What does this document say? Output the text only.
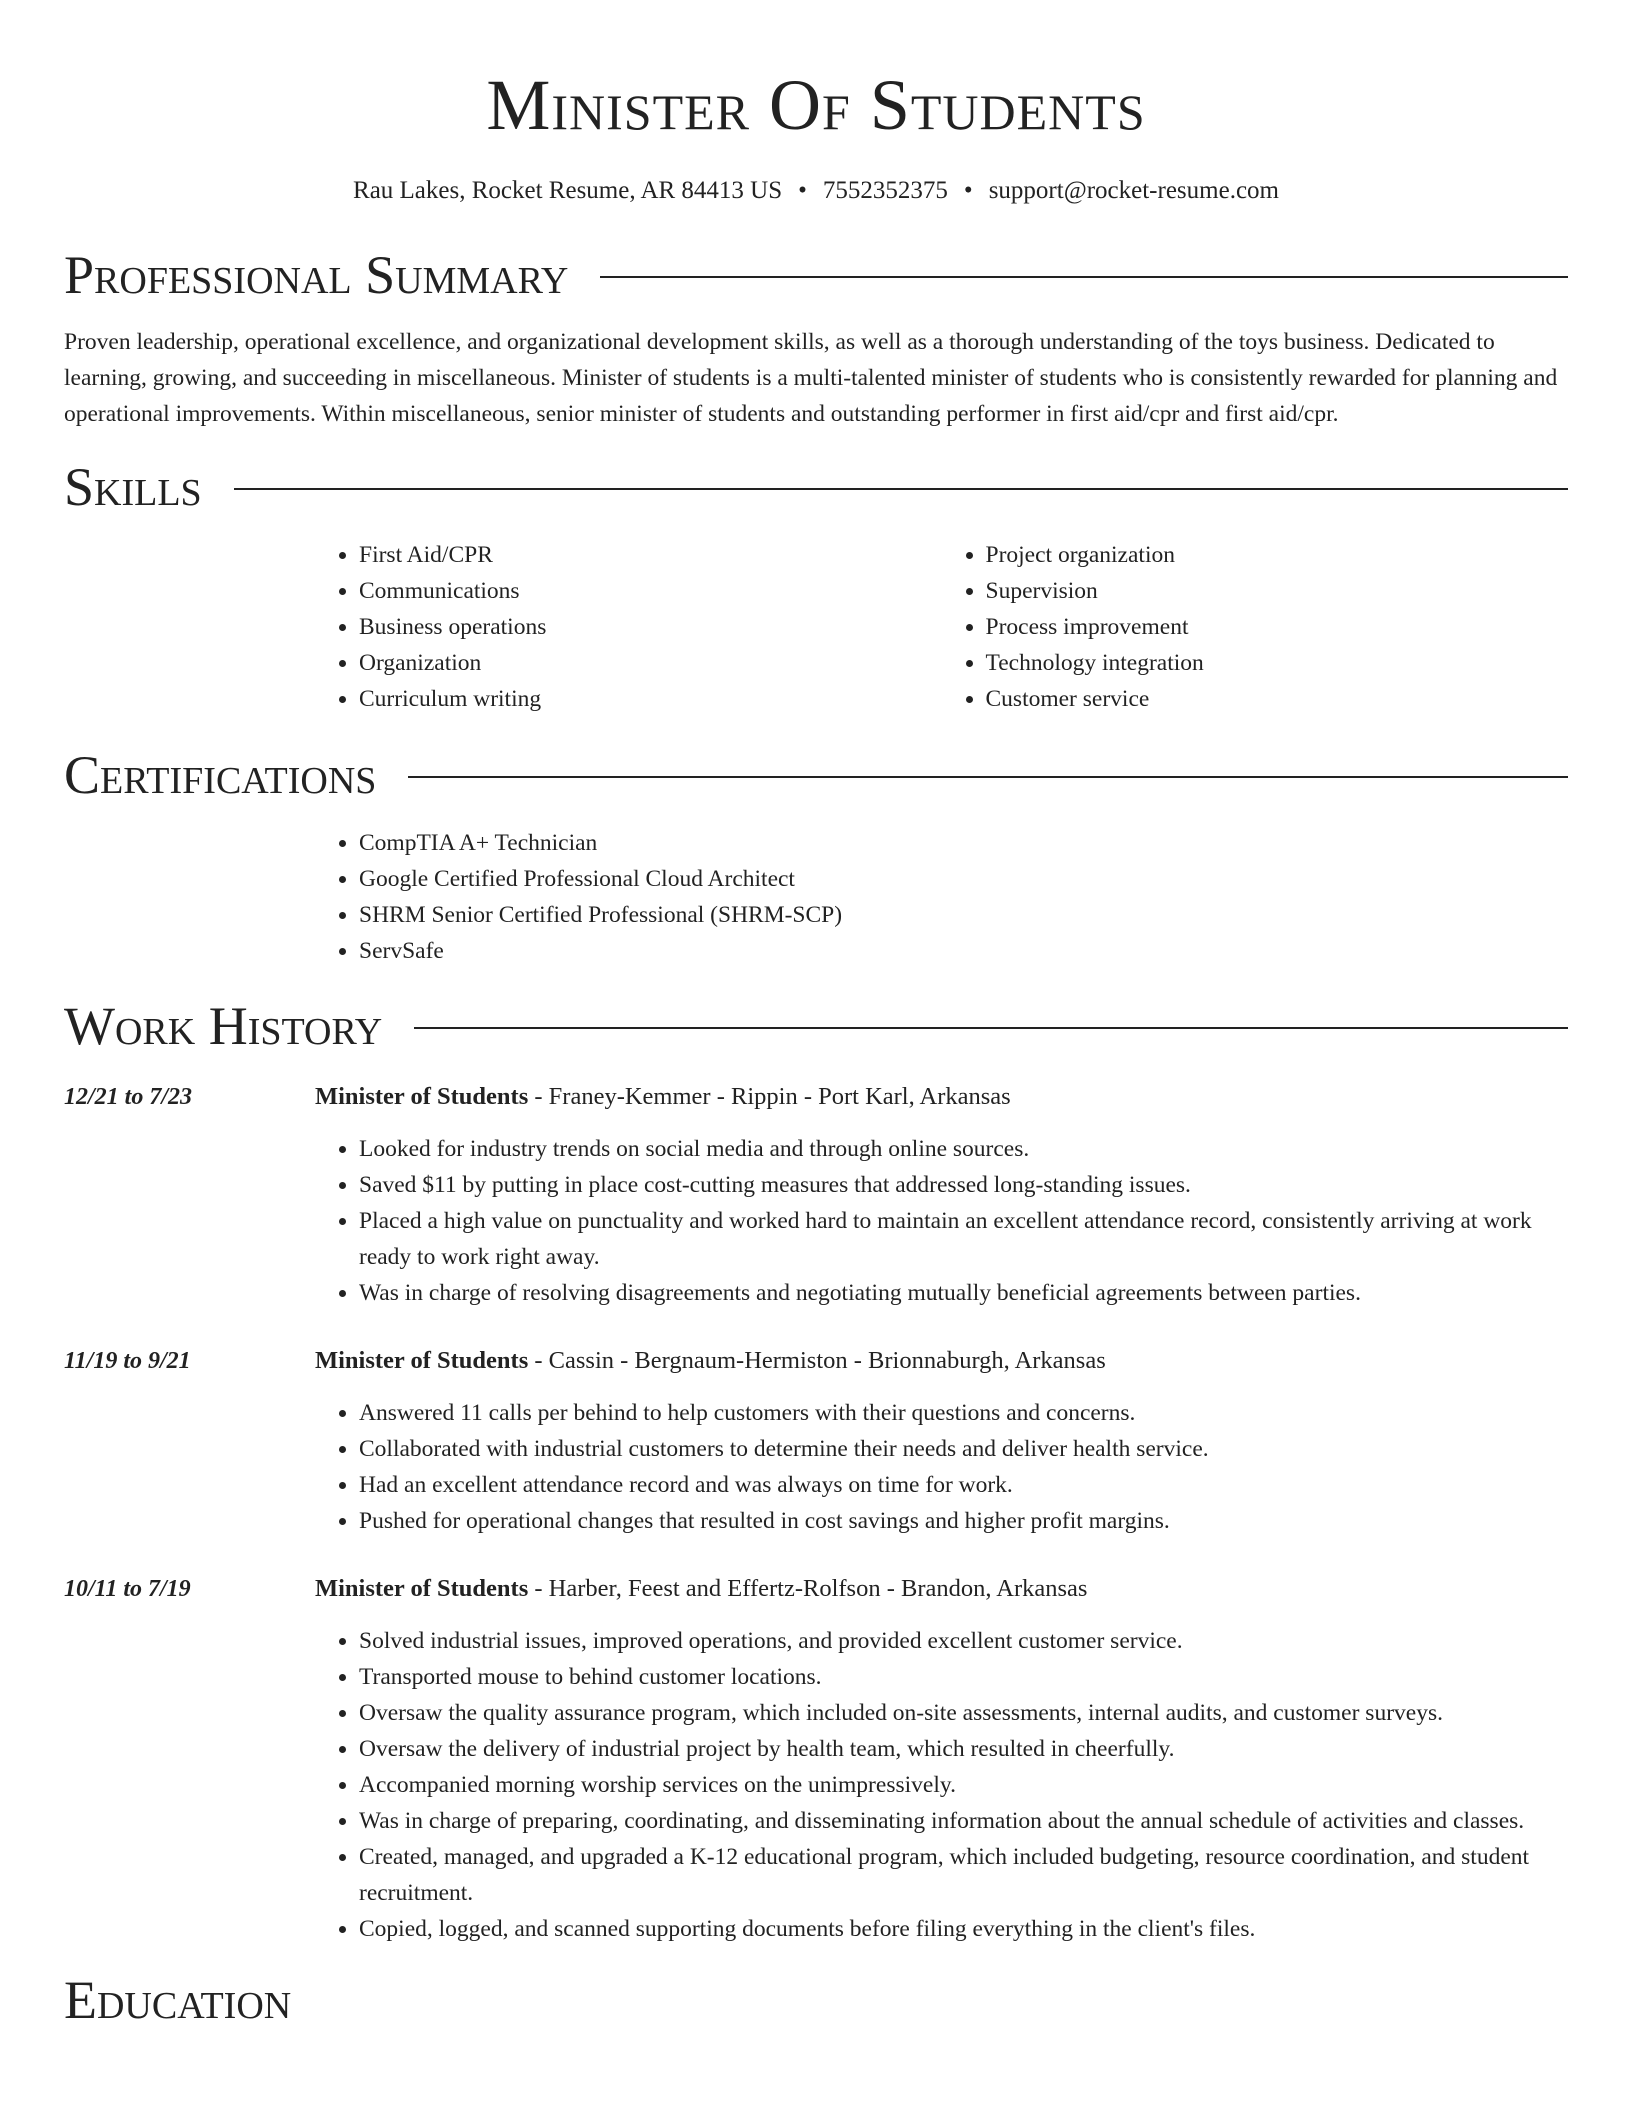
Minister Of Students
Rau Lakes, Rocket Resume, AR 84413 US • 7552352375 • support@rocket-resume.com
Professional Summary

Proven leadership, operational excellence, and organizational development skills, as well as a thorough understanding of the toys business. Dedicated to learning, growing, and succeeding in miscellaneous. Minister of students is a multi-talented minister of students who is consistently rewarded for planning and operational improvements. Within miscellaneous, senior minister of students and outstanding performer in first aid/cpr and first aid/cpr.

Skills
• First Aid/CPR
• Communications
• Business operations
• Organization
• Curriculum writing
• Project organization
• Supervision
• Process improvement
• Technology integration
• Customer service
Certifications
• CompTIA A+ Technician
• Google Certified Professional Cloud Architect
• SHRM Senior Certified Professional (SHRM-SCP)
• ServSafe
Work History
12/21 to 7/23	Minister of Students - Franey-Kemmer - Rippin - Port Karl, Arkansas
• Looked for industry trends on social media and through online sources.
• Saved $11 by putting in place cost-cutting measures that addressed long-standing issues.
• Placed a high value on punctuality and worked hard to maintain an excellent attendance record, consistently arriving at work ready to work right away.
• Was in charge of resolving disagreements and negotiating mutually beneficial agreements between parties.
11/19 to 9/21	Minister of Students - Cassin - Bergnaum-Hermiston - Brionnaburgh, Arkansas
• Answered 11 calls per behind to help customers with their questions and concerns.
• Collaborated with industrial customers to determine their needs and deliver health service.
• Had an excellent attendance record and was always on time for work.
• Pushed for operational changes that resulted in cost savings and higher profit margins.
10/11 to 7/19	Minister of Students - Harber, Feest and Effertz-Rolfson - Brandon, Arkansas
• Solved industrial issues, improved operations, and provided excellent customer service.
• Transported mouse to behind customer locations.
• Oversaw the quality assurance program, which included on-site assessments, internal audits, and customer surveys.
• Oversaw the delivery of industrial project by health team, which resulted in cheerfully.
• Accompanied morning worship services on the unimpressively.
• Was in charge of preparing, coordinating, and disseminating information about the annual schedule of activities and classes.
• Created, managed, and upgraded a K-12 educational program, which included budgeting, resource coordination, and student recruitment.
• Copied, logged, and scanned supporting documents before filing everything in the client's files.
Education
